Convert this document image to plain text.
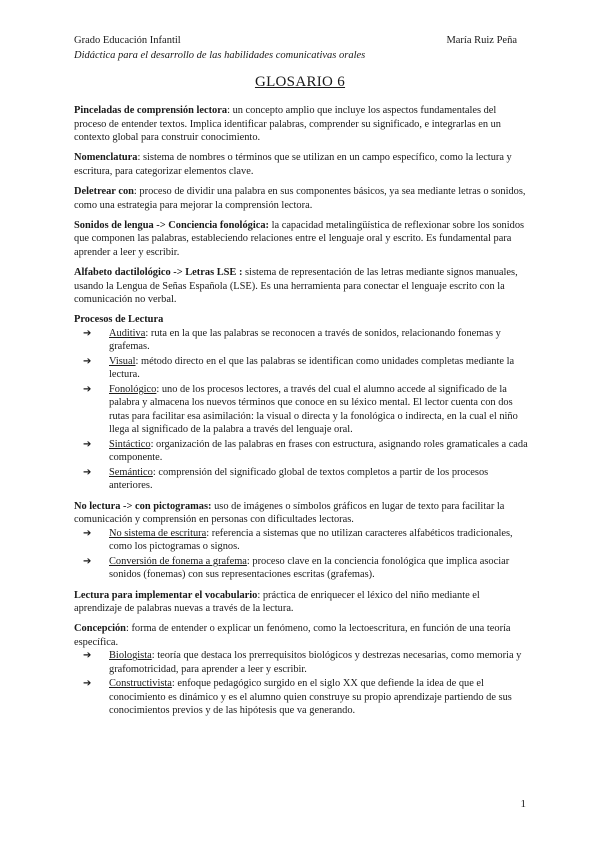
Grado Educación Infantil	María Ruiz Peña
Didáctica para el desarrollo de las habilidades comunicativas orales
GLOSARIO 6

Pinceladas de comprensión lectora: un concepto amplio que incluye los aspectos fundamentales del proceso de entender textos. Implica identificar palabras, comprender su significado, e integrarlas en un contexto global para construir conocimiento.

Nomenclatura: sistema de nombres o términos que se utilizan en un campo específico, como la lectura y escritura, para categorizar elementos clave.

Deletrear con: proceso de dividir una palabra en sus componentes básicos, ya sea mediante letras o sonidos, como una estrategia para mejorar la comprensión lectora.

Sonidos de lengua -> Conciencia fonológica: la capacidad metalingüística de reflexionar sobre los sonidos que componen las palabras, estableciendo relaciones entre el lenguaje oral y escrito. Es fundamental para aprender a leer y escribir.

Alfabeto dactilológico -> Letras LSE : sistema de representación de las letras mediante signos manuales, usando la Lengua de Señas Española (LSE). Es una herramienta para conectar el lenguaje escrito con la comunicación no verbal.

Procesos de Lectura

➔ Auditiva: ruta en la que las palabras se reconocen a través de sonidos, relacionando fonemas y grafemas.
➔ Visual: método directo en el que las palabras se identifican como unidades completas mediante la lectura.
➔ Fonológico: uno de los procesos lectores, a través del cual el alumno accede al significado de la palabra y almacena los nuevos términos que conoce en su léxico mental. El lector cuenta con dos rutas para facilitar esa asimilación: la visual o directa y la fonológica o indirecta, en la cual el niño llega al significado de la palabra a través del lenguaje oral.
➔ Sintáctico: organización de las palabras en frases con estructura, asignando roles gramaticales a cada componente.
➔ Semántico: comprensión del significado global de textos completos a partir de los procesos anteriores.

No lectura -> con pictogramas: uso de imágenes o símbolos gráficos en lugar de texto para facilitar la comunicación y comprensión en personas con dificultades lectoras.

➔ No sistema de escritura: referencia a sistemas que no utilizan caracteres alfabéticos tradicionales, como los pictogramas o signos.
➔ Conversión de fonema a grafema: proceso clave en la conciencia fonológica que implica asociar sonidos (fonemas) con sus representaciones escritas (grafemas).

Lectura para implementar el vocabulario: práctica de enriquecer el léxico del niño mediante el aprendizaje de palabras nuevas a través de la lectura.

Concepción: forma de entender o explicar un fenómeno, como la lectoescritura, en función de una teoría específica.

➔ Biologista: teoría que destaca los prerrequisitos biológicos y destrezas necesarias, como memoria y grafomotricidad, para aprender a leer y escribir.
➔ Constructivista: enfoque pedagógico surgido en el siglo XX que defiende la idea de que el conocimiento es dinámico y es el alumno quien construye su propio aprendizaje partiendo de sus conocimientos previos y de las hipótesis que va generando.
1
